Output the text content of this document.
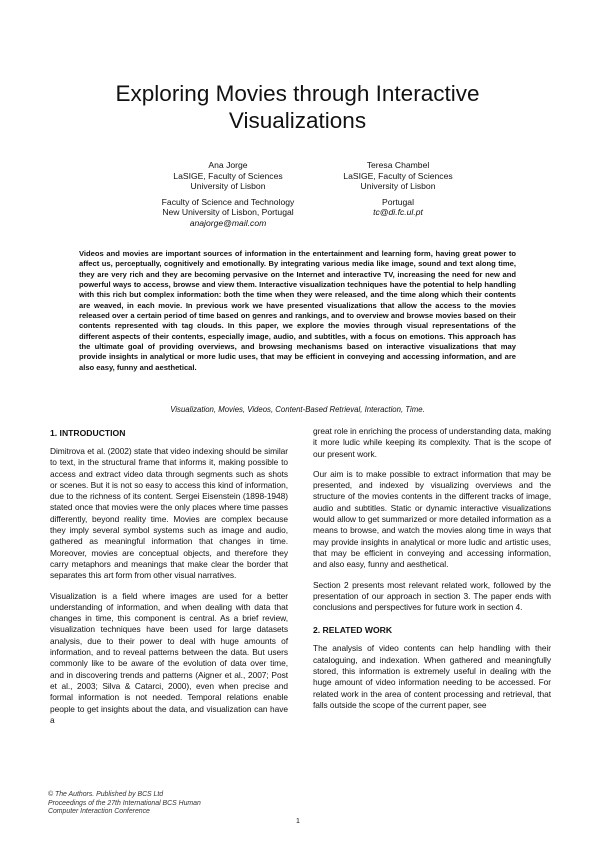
Exploring Movies through Interactive Visualizations
Ana Jorge
LaSIGE, Faculty of Sciences
University of Lisbon
Faculty of Science and Technology
New University of Lisbon, Portugal
anajorge@mail.com
Teresa Chambel
LaSIGE, Faculty of Sciences
University of Lisbon
Portugal
tc@di.fc.ul.pt

Videos and movies are important sources of information in the entertainment and learning form, having great power to affect us, perceptually, cognitively and emotionally. By integrating various media like image, sound and text along time, they are very rich and they are becoming pervasive on the Internet and interactive TV, increasing the need for new and powerful ways to access, browse and view them. Interactive visualization techniques have the potential to help handling with this rich but complex information: both the time when they were released, and the time along which their contents are weaved, in each movie. In previous work we have presented visualizations that allow the access to the movies released over a certain period of time based on genres and rankings, and to overview and browse movies based on their contents represented with tag clouds. In this paper, we explore the movies through visual representations of the different aspects of their contents, especially image, audio, and subtitles, with a focus on emotions. This approach has the ultimate goal of providing overviews, and browsing mechanisms based on interactive visualizations that may provide insights in analytical or more ludic uses, that may be efficient in conveying and accessing information, and are also easy, funny and aesthetical.

Visualization, Movies, Videos, Content-Based Retrieval, Interaction, Time.

1. INTRODUCTION

Dimitrova et al. (2002) state that video indexing should be similar to text, in the structural frame that informs it, making possible to access and extract video data through segments such as shots or scenes. But it is not so easy to access this kind of information, due to the richness of its content. Sergei Eisenstein (1898-1948) stated once that movies were the only places where time passes differently, beyond reality time. Movies are complex because they imply several symbol systems such as image and audio, gathered as meaningful information that changes in time. Moreover, movies are conceptual objects, and therefore they carry metaphors and meanings that make clear the border that separates this art form from other visual narratives.

Visualization is a field where images are used for a better understanding of information, and when dealing with data that changes in time, this component is central. As a brief review, visualization techniques have been used for large datasets analysis, due to their power to deal with huge amounts of information, and to reveal patterns between the data. But users commonly like to be aware of the evolution of data over time, and in discovering trends and patterns (Aigner et al., 2007; Post et al., 2003; Silva & Catarci, 2000), even when precise and formal information is not needed. Temporal relations enable people to get insights about the data, and visualization can have a

great role in enriching the process of understanding data, making it more ludic while keeping its complexity. That is the scope of our present work.

Our aim is to make possible to extract information that may be presented, and indexed by visualizing overviews and the structure of the movies contents in the different tracks of image, audio and subtitles. Static or dynamic interactive visualizations would allow to get summarized or more detailed information as a means to browse, and watch the movies along time in ways that may provide insights in analytical or more ludic and artistic uses, that may be efficient in conveying and accessing information, and also easy, funny and aesthetical.

Section 2 presents most relevant related work, followed by the presentation of our approach in section 3. The paper ends with conclusions and perspectives for future work in section 4.

2. RELATED WORK

The analysis of video contents can help handling with their cataloguing, and indexation. When gathered and meaningfully stored, this information is extremely useful in dealing with the huge amount of video information needing to be accessed. For related work in the area of content processing and retrieval, that falls outside the scope of the current paper, see

© The Authors. Published by BCS Ltd
Proceedings of the 27th International BCS Human
Computer Interaction Conference
1
